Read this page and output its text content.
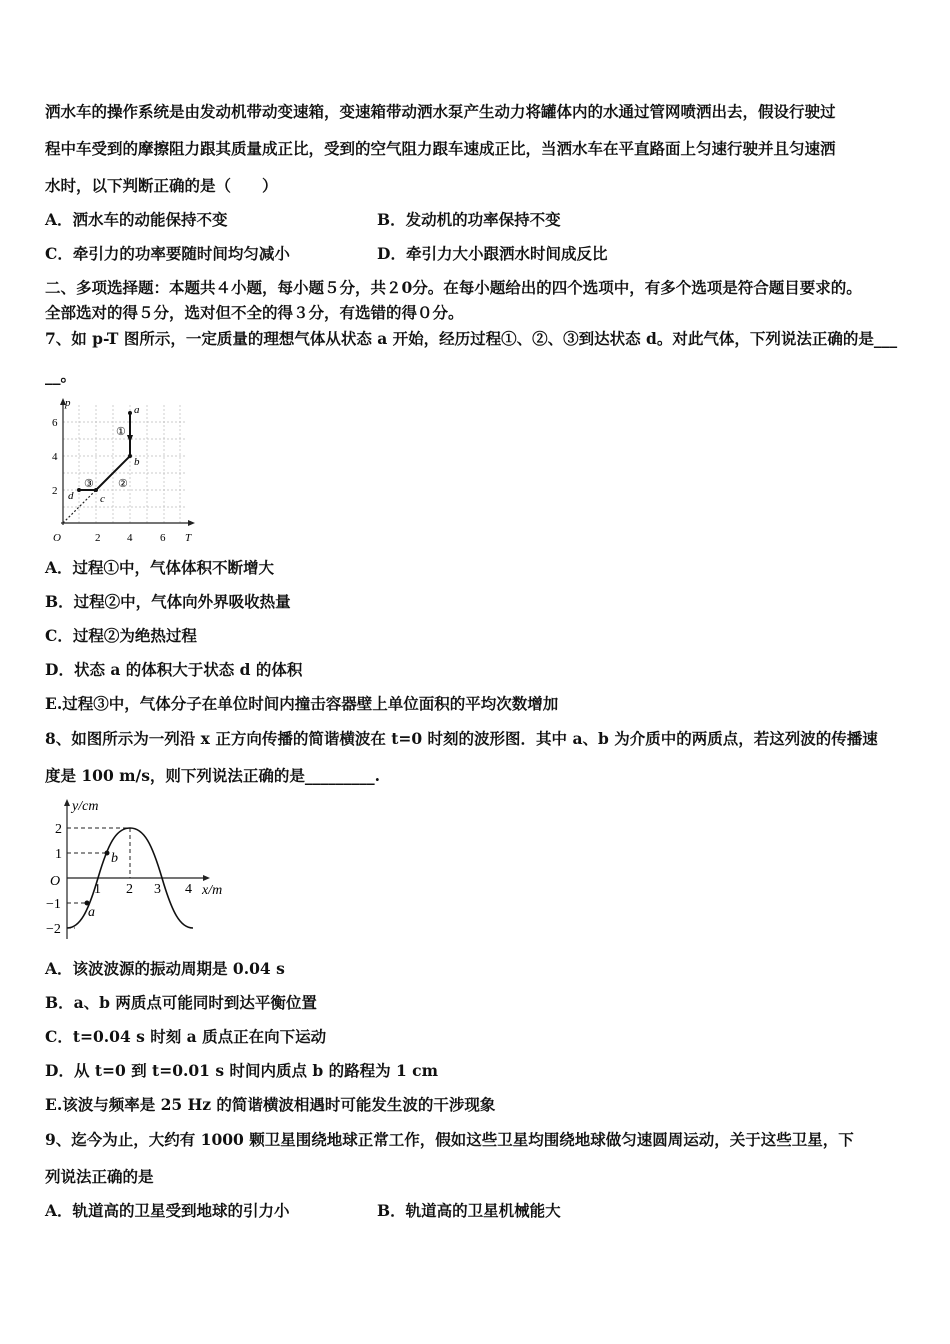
洒水车的操作系统是由发动机带动变速箱，变速箱带动洒水泵产生动力将罐体内的水通过管网喷洒出去，假设行驶过
程中车受到的摩擦阻力跟其质量成正比，受到的空气阻力跟车速成正比，当洒水车在平直路面上匀速行驶并且匀速洒
水时，以下判断正确的是（　　）
A．洒水车的动能保持不变	B．发动机的功率保持不变
C．牵引力的功率要随时间均匀减小	D．牵引力大小跟洒水时间成反比
二、多项选择题：本题共４小题，每小题５分，共２0分。在每小题给出的四个选项中，有多个选项是符合题目要求的。
全部选对的得５分，选对但不全的得３分，有选错的得０分。
7、如 p-T 图所示，一定质量的理想气体从状态 a 开始，经历过程①、②、③到达状态 d。对此气体，下列说法正确的是___
__。
a
b
c
d
①
②
③
p
T
O	2 4	6
2
4
6
A．过程①中，气体体积不断增大
B．过程②中，气体向外界吸收热量
C．过程②为绝热过程
D．状态 a 的体积大于状态 d 的体积
E.过程③中，气体分子在单位时间内撞击容器壁上单位面积的平均次数增加
8、如图所示为一列沿 x 正方向传播的简谐横波在 t=0 时刻的波形图．其中 a、b 为介质中的两质点，若这列波的传播速
度是 100 m/s，则下列说法正确的是_________.
y/cm
x/m
O
2
1
−1
−2
1 2 3 4
a
b
A．该波波源的振动周期是 0.04 s
B．a、b 两质点可能同时到达平衡位置
C．t=0.04 s 时刻 a 质点正在向下运动
D．从 t=0 到 t=0.01 s 时间内质点 b 的路程为 1 cm
E.该波与频率是 25 Hz 的简谐横波相遇时可能发生波的干涉现象
9、迄今为止，大约有 1000 颗卫星围绕地球正常工作，假如这些卫星均围绕地球做匀速圆周运动，关于这些卫星，下
列说法正确的是
A．轨道高的卫星受到地球的引力小	B．轨道高的卫星机械能大
